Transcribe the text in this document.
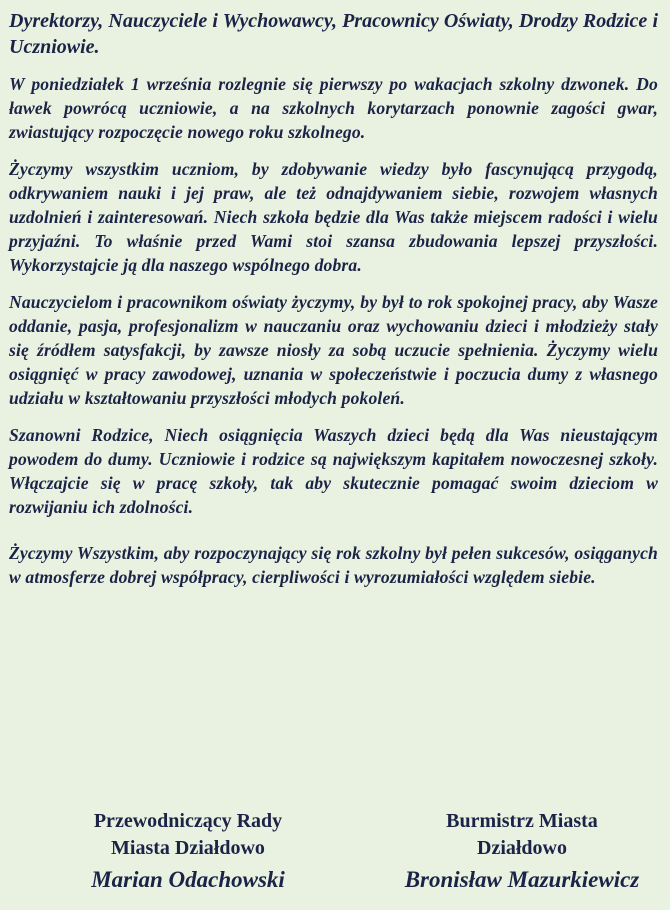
Dyrektorzy, Nauczyciele i Wychowawcy, Pracownicy Oświaty, Drodzy Rodzice i Uczniowie.

W poniedziałek 1 września rozlegnie się pierwszy po wakacjach szkolny dzwonek. Do ławek powrócą uczniowie, a na szkolnych korytarzach ponownie zagości gwar, zwiastujący rozpoczęcie nowego roku szkolnego.

Życzymy wszystkim uczniom, by zdobywanie wiedzy było fascynującą przygodą, odkrywaniem nauki i jej praw, ale też odnajdywaniem siebie, rozwojem własnych uzdolnień i zainteresowań. Niech szkoła będzie dla Was także miejscem radości i wielu przyjaźni. To właśnie przed Wami stoi szansa zbudowania lepszej przyszłości. Wykorzystajcie ją dla naszego wspólnego dobra.

Nauczycielom i pracownikom oświaty życzymy, by był to rok spokojnej pracy, aby Wasze oddanie, pasja, profesjonalizm w nauczaniu oraz wychowaniu dzieci i młodzieży stały się źródłem satysfakcji, by zawsze niosły za sobą uczucie spełnienia. Życzymy wielu osiągnięć w pracy zawodowej, uznania w społeczeństwie i poczucia dumy z własnego udziału w kształtowaniu przyszłości młodych pokoleń.

Szanowni Rodzice, Niech osiągnięcia Waszych dzieci będą dla Was nieustającym powodem do dumy. Uczniowie i rodzice są największym kapitałem nowoczesnej szkoły. Włączajcie się w pracę szkoły, tak aby skutecznie pomagać swoim dzieciom w rozwijaniu ich zdolności.

Życzymy Wszystkim, aby rozpoczynający się rok szkolny był pełen sukcesów, osiąganych w atmosferze dobrej współpracy, cierpliwości i wyrozumiałości względem siebie.

Przewodniczący Rady
Miasta Działdowo
Marian Odachowski
Burmistrz Miasta
Działdowo
Bronisław Mazurkiewicz
